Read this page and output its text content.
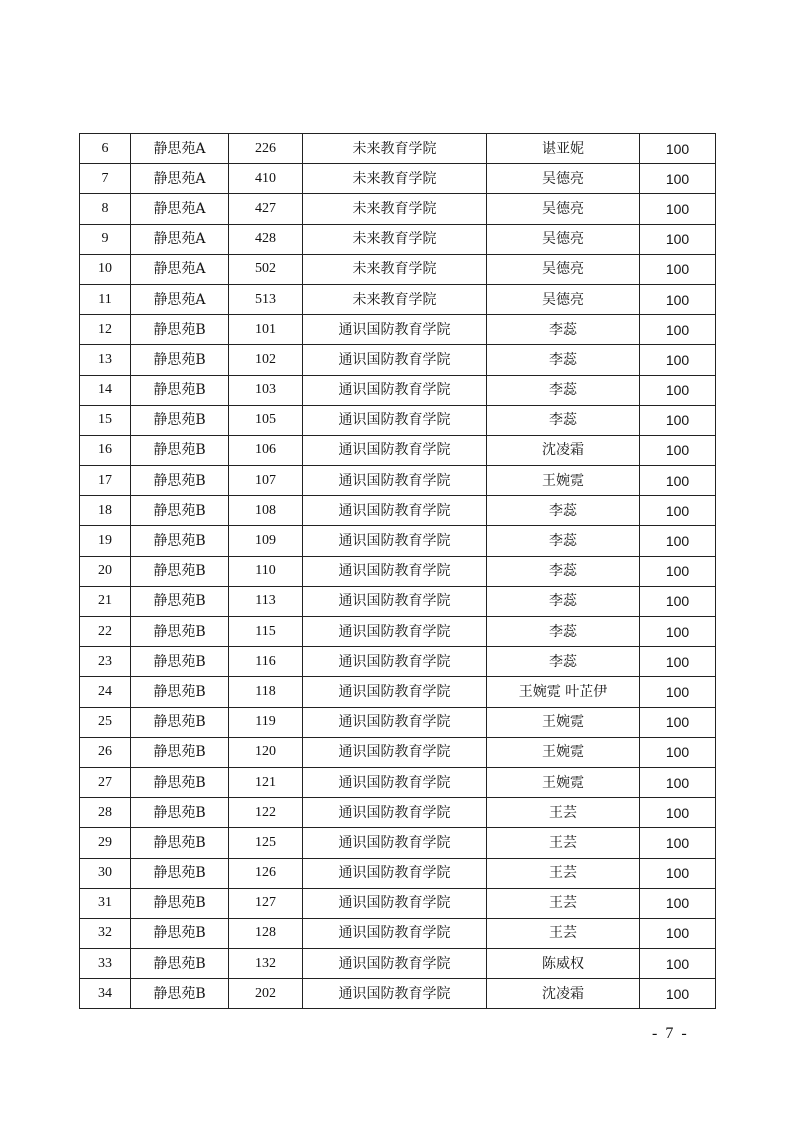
6	静思苑A	226	未来教育学院	谌亚妮	100
7	静思苑A	410	未来教育学院	吴德亮	100
8	静思苑A	427	未来教育学院	吴德亮	100
9	静思苑A	428	未来教育学院	吴德亮	100
10	静思苑A	502	未来教育学院	吴德亮	100
11	静思苑A	513	未来教育学院	吴德亮	100
12	静思苑B	101	通识国防教育学院	李蕊	100
13	静思苑B	102	通识国防教育学院	李蕊	100
14	静思苑B	103	通识国防教育学院	李蕊	100
15	静思苑B	105	通识国防教育学院	李蕊	100
16	静思苑B	106	通识国防教育学院	沈凌霜	100
17	静思苑B	107	通识国防教育学院	王婉霓	100
18	静思苑B	108	通识国防教育学院	李蕊	100
19	静思苑B	109	通识国防教育学院	李蕊	100
20	静思苑B	110	通识国防教育学院	李蕊	100
21	静思苑B	113	通识国防教育学院	李蕊	100
22	静思苑B	115	通识国防教育学院	李蕊	100
23	静思苑B	116	通识国防教育学院	李蕊	100
24	静思苑B	118	通识国防教育学院	王婉霓 叶芷伊	100
25	静思苑B	119	通识国防教育学院	王婉霓	100
26	静思苑B	120	通识国防教育学院	王婉霓	100
27	静思苑B	121	通识国防教育学院	王婉霓	100
28	静思苑B	122	通识国防教育学院	王芸	100
29	静思苑B	125	通识国防教育学院	王芸	100
30	静思苑B	126	通识国防教育学院	王芸	100
31	静思苑B	127	通识国防教育学院	王芸	100
32	静思苑B	128	通识国防教育学院	王芸	100
33	静思苑B	132	通识国防教育学院	陈威权	100
34	静思苑B	202	通识国防教育学院	沈凌霜	100
- 7 -
